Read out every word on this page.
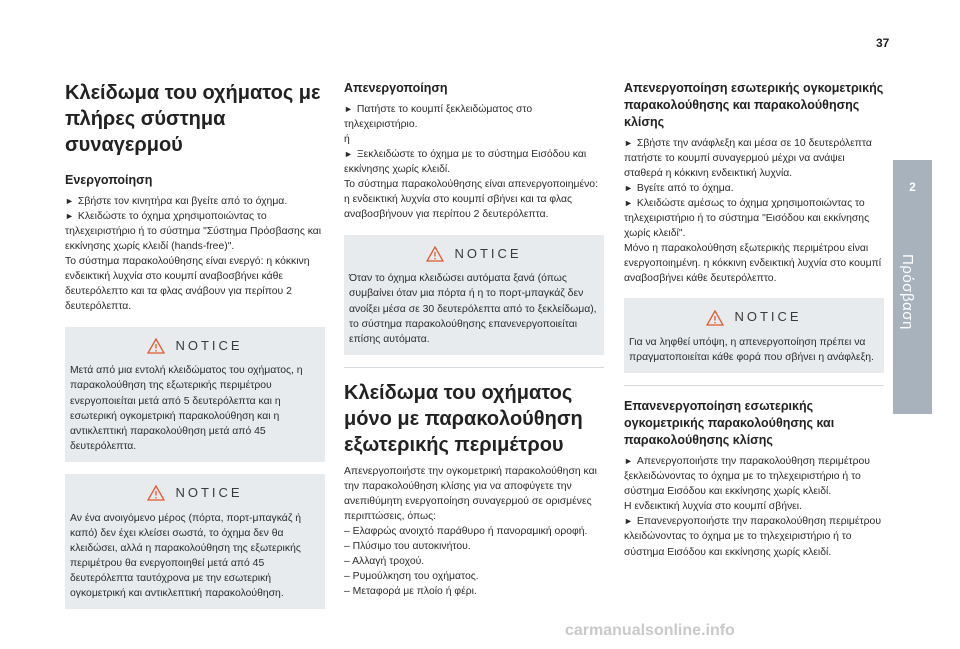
37
2
Πρόσβαση
Κλείδωμα του οχήματος με πλήρες σύστημα συναγερμού
Ενεργοποίηση

► Σβήστε τον κινητήρα και βγείτε από το όχημα.

► Κλειδώστε το όχημα χρησιμοποιώντας το τηλεχειριστήριο ή το σύστημα "Σύστημα Πρόσβασης και εκκίνησης χωρίς κλειδί (hands-free)".

Το σύστημα παρακολούθησης είναι ενεργό: η κόκκινη ενδεικτική λυχνία στο κουμπί αναβοσβήνει κάθε δευτερόλεπτο και τα φλας ανάβουν για περίπου 2 δευτερόλεπτα.

NOTICE

Μετά από μια εντολή κλειδώματος του οχήματος, η παρακολούθηση της εξωτερικής περιμέτρου ενεργοποιείται μετά από 5 δευτερόλεπτα και η εσωτερική ογκομετρική παρακολούθηση και η αντικλεπτική παρακολούθηση μετά από 45 δευτερόλεπτα.

NOTICE

Αν ένα ανοιγόμενο μέρος (πόρτα, πορτ-μπαγκάζ ή καπό) δεν έχει κλείσει σωστά, το όχημα δεν θα κλειδώσει, αλλά η παρακολούθηση της εξωτερικής περιμέτρου θα ενεργοποιηθεί μετά από 45 δευτερόλεπτα ταυτόχρονα με την εσωτερική ογκομετρική και αντικλεπτική παρακολούθηση.

Απενεργοποίηση

► Πατήστε το κουμπί ξεκλειδώματος στο τηλεχειριστήριο.

ή

► Ξεκλειδώστε το όχημα με το σύστημα Εισόδου και εκκίνησης χωρίς κλειδί.

Το σύστημα παρακολούθησης είναι απενεργοποιημένο: η ενδεικτική λυχνία στο κουμπί σβήνει και τα φλας αναβοσβήνουν για περίπου 2 δευτερόλεπτα.

NOTICE

Όταν το όχημα κλειδώσει αυτόματα ξανά (όπως συμβαίνει όταν μια πόρτα ή η το πορτ-μπαγκάζ δεν ανοίξει μέσα σε 30 δευτερόλεπτα από το ξεκλείδωμα), το σύστημα παρακολούθησης επανενεργοποιείται επίσης αυτόματα.

Κλείδωμα του οχήματος μόνο με παρακολούθηση εξωτερικής περιμέτρου

Απενεργοποιήστε την ογκομετρική παρακολούθηση και την παρακολούθηση κλίσης για να αποφύγετε την ανεπιθύμητη ενεργοποίηση συναγερμού σε ορισμένες περιπτώσεις, όπως:

– Ελαφρώς ανοιχτό παράθυρο ή πανοραμική οροφή.

– Πλύσιμο του αυτοκινήτου.

– Αλλαγή τροχού.

– Ρυμούλκηση του οχήματος.

– Μεταφορά με πλοίο ή φέρι.

Απενεργοποίηση εσωτερικής ογκομετρικής παρακολούθησης και παρακολούθησης κλίσης

► Σβήστε την ανάφλεξη και μέσα σε 10 δευτερόλεπτα πατήστε το κουμπί συναγερμού μέχρι να ανάψει σταθερά η κόκκινη ενδεικτική λυχνία.

► Βγείτε από το όχημα.

► Κλειδώστε αμέσως το όχημα χρησιμοποιώντας το τηλεχειριστήριο ή το σύστημα "Εισόδου και εκκίνησης χωρίς κλειδί".

Μόνο η παρακολούθηση εξωτερικής περιμέτρου είναι ενεργοποιημένη. η κόκκινη ενδεικτική λυχνία στο κουμπί αναβοσβήνει κάθε δευτερόλεπτο.

NOTICE

Για να ληφθεί υπόψη, η απενεργοποίηση πρέπει να πραγματοποιείται κάθε φορά που σβήνει η ανάφλεξη.

Επανενεργοποίηση εσωτερικής ογκομετρικής παρακολούθησης και παρακολούθησης κλίσης

► Απενεργοποιήστε την παρακολούθηση περιμέτρου ξεκλειδώνοντας το όχημα με το τηλεχειριστήριο ή το σύστημα Εισόδου και εκκίνησης χωρίς κλειδί.

Η ενδεικτική λυχνία στο κουμπί σβήνει.

► Επανενεργοποιήστε την παρακολούθηση περιμέτρου κλειδώνοντας το όχημα με το τηλεχειριστήριο ή το σύστημα Εισόδου και εκκίνησης χωρίς κλειδί.

carmanualsonline.info
